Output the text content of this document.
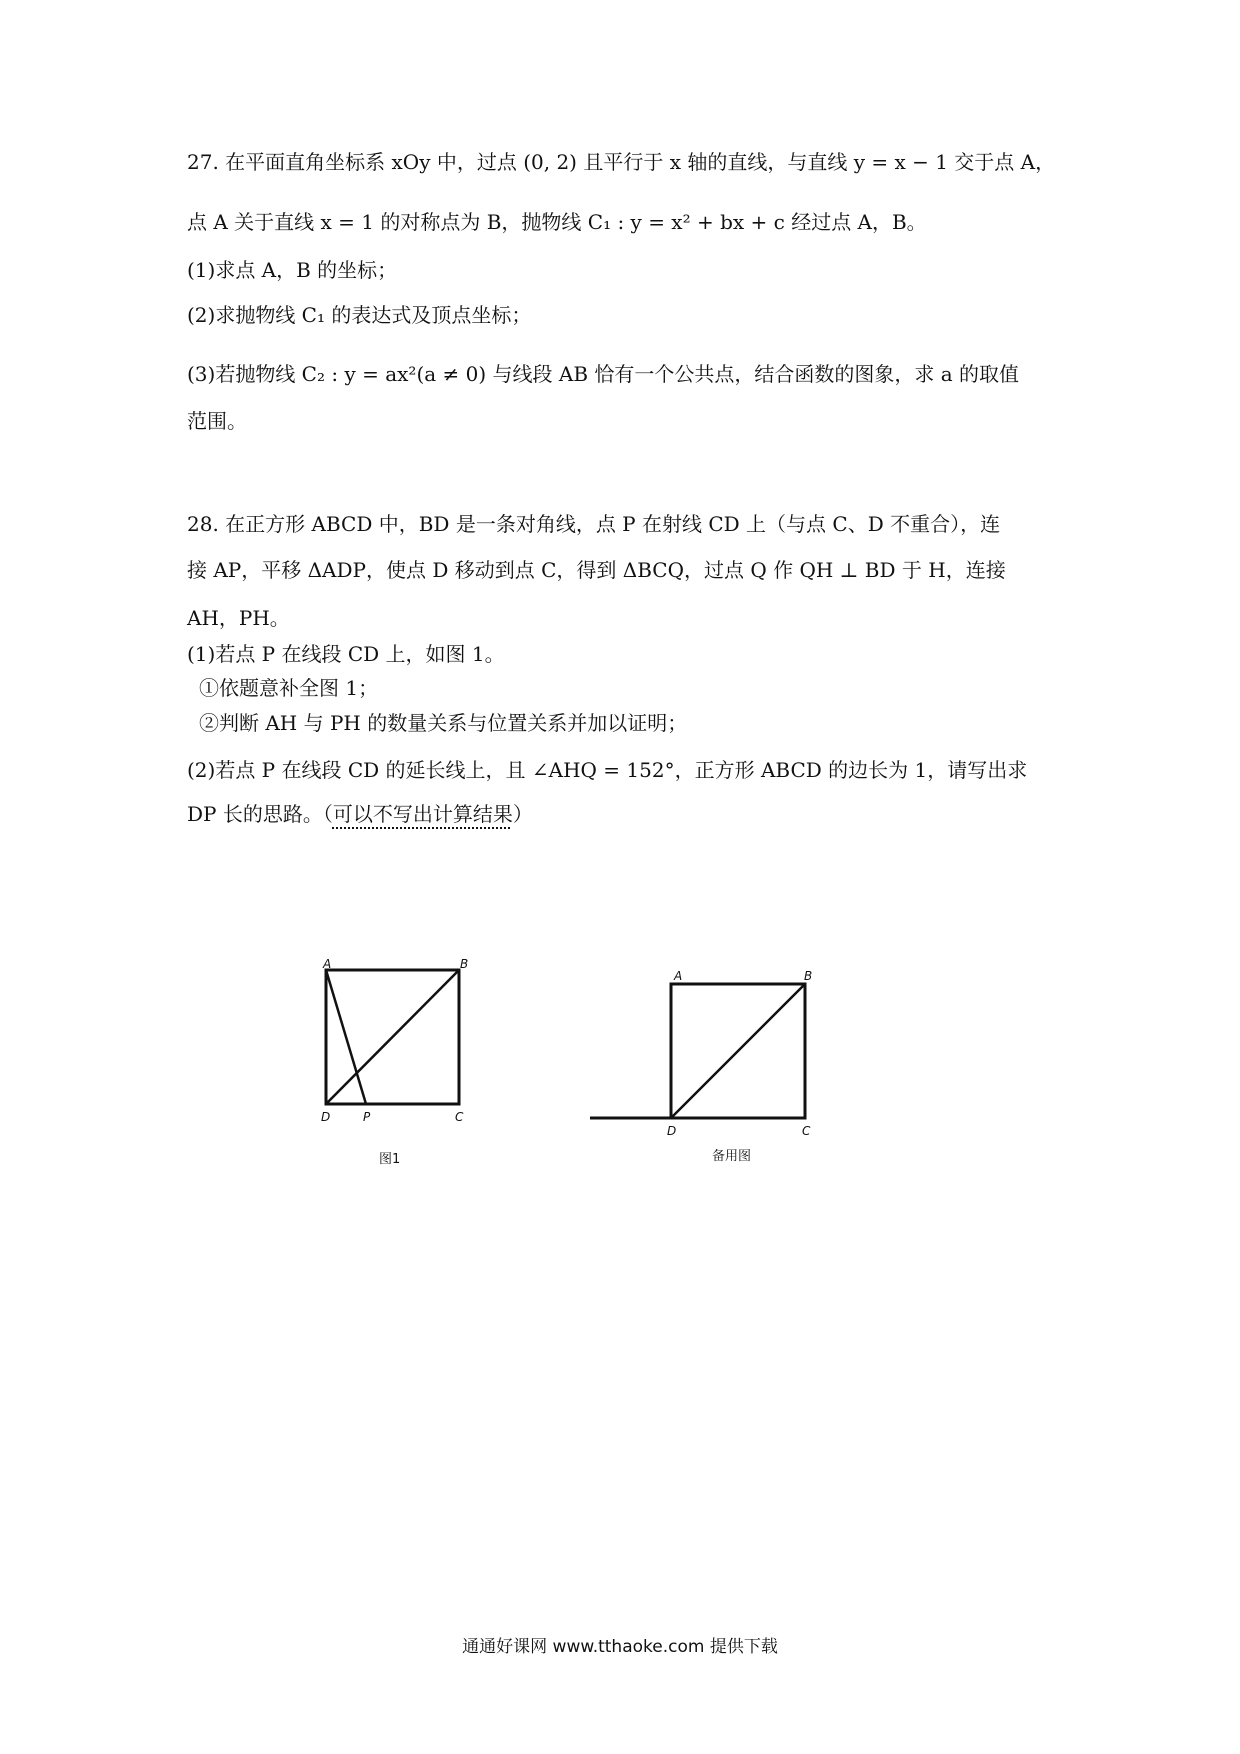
27. 在平面直角坐标系 xOy 中，过点 (0, 2) 且平行于 x 轴的直线，与直线 y = x − 1 交于点 A，
点 A 关于直线 x = 1 的对称点为 B，抛物线 C₁ : y = x² + bx + c 经过点 A，B。
(1)求点 A，B 的坐标；
(2)求抛物线 C₁ 的表达式及顶点坐标；
(3)若抛物线 C₂ : y = ax²(a ≠ 0) 与线段 AB 恰有一个公共点，结合函数的图象，求 a 的取值
范围。
28. 在正方形 ABCD 中，BD 是一条对角线，点 P 在射线 CD 上（与点 C、D 不重合），连
接 AP，平移 ΔADP，使点 D 移动到点 C，得到 ΔBCQ，过点 Q 作 QH ⊥ BD 于 H，连接
AH，PH。
(1)若点 P 在线段 CD 上，如图 1。
①依题意补全图 1；
②判断 AH 与 PH 的数量关系与位置关系并加以证明；
(2)若点 P 在线段 CD 的延长线上，且 ∠AHQ = 152°，正方形 ABCD 的边长为 1，请写出求
DP 长的思路。（可以不写出计算结果）
A	B
D	P	C
图1
A	B
D	C
备用图
通通好课网 www.tthaoke.com 提供下载
